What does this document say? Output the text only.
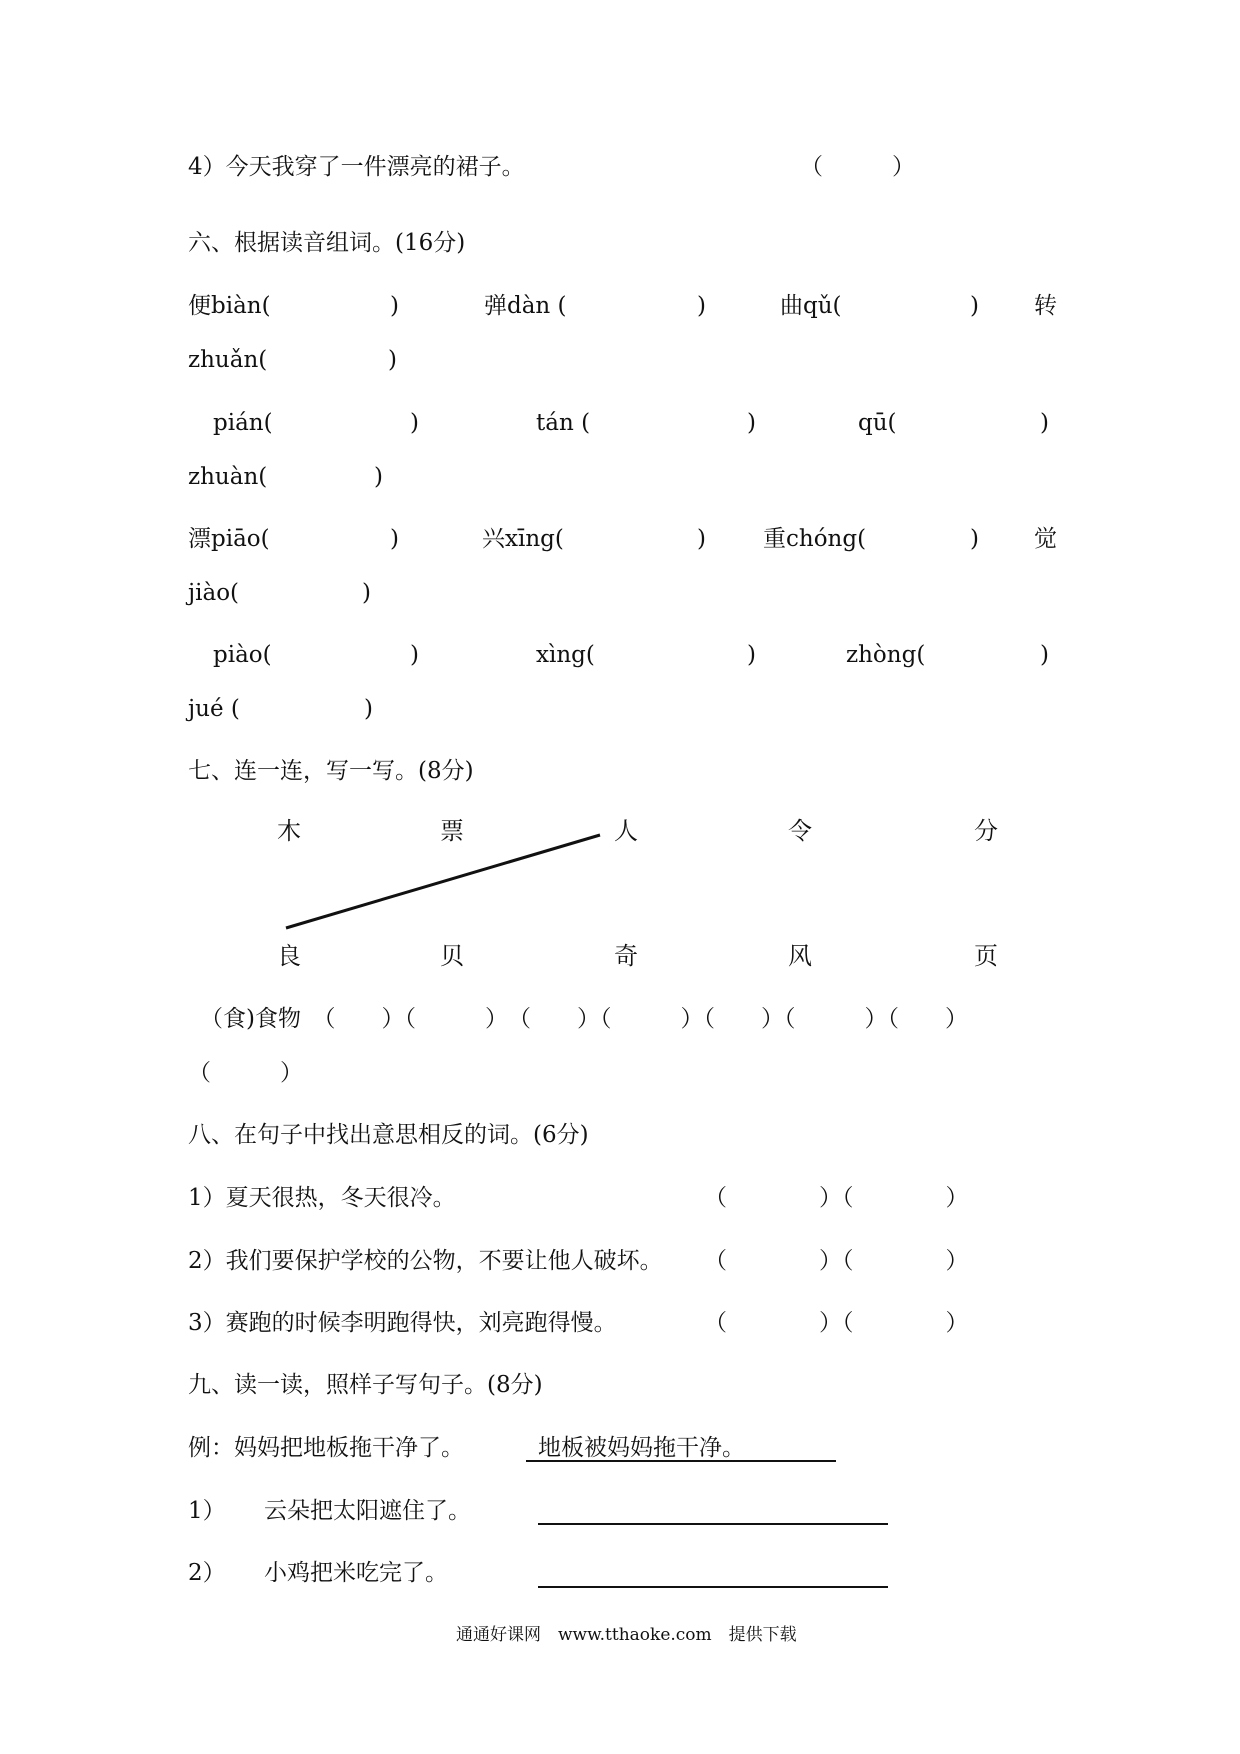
4）今天我穿了一件漂亮的裙子。	（　　　）
六、根据读音组词。(16分)
便biàn(	)	弹dàn (	)	曲qǔ(	) 转
zhuǎn(	)
pián(	)	tán (	)	qū(	)
zhuàn(	)
漂piāo(	)	兴xīng(	) 重chóng(	) 觉
jiào(	)
piào(	)	xìng(	)	zhòng(	)
jué (	)
七、连一连，写一写。(8分)
木	票	人	令	分
良	贝	奇	风	页
（食)食物　（　　）（　　　）　（　　）（　　　）（　　）（　　　）（　　）
（　　　）
八、在句子中找出意思相反的词。(6分)
1）夏天很热，冬天很冷。	（　　　　）（　　　　）
2）我们要保护学校的公物，不要让他人破坏。 （　　　　）（　　　　）
3）赛跑的时候李明跑得快，刘亮跑得慢。	（　　　　）（　　　　）
九、读一读，照样子写句子。(8分)
例：妈妈把地板拖干净了。	地板被妈妈拖干净。
1） 云朵把太阳遮住了。
2） 小鸡把米吃完了。
通通好课网　www.tthaoke.com　提供下载
